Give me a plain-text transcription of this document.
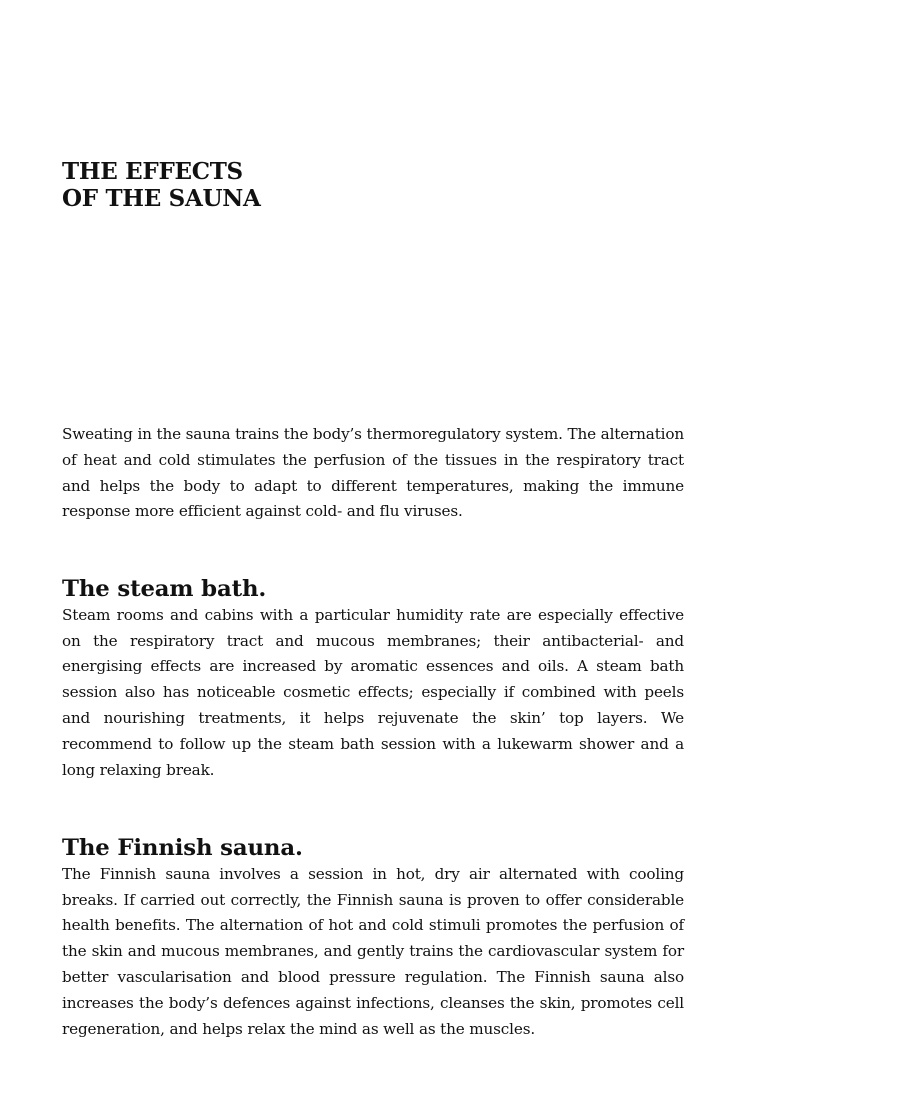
THE EFFECTS
OF THE SAUNA

Sweating in the sauna trains the body’s thermoregulatory system. The alternation of heat and cold stimulates the perfusion of the tissues in the respiratory tract and helps the body to adapt to different temperatures, making the immune response more efficient against cold- and flu viruses.

The steam bath.

Steam rooms and cabins with a particular humidity rate are especially effective on the respiratory tract and mucous membranes; their antibacterial- and energising effects are increased by aromatic essences and oils. A steam bath session also has noticeable cosmetic effects; especially if combined with peels and nourishing treatments, it helps rejuvenate the skin’ top layers. We recommend to follow up the steam bath session with a lukewarm shower and a long relaxing break.

The Finnish sauna.

The Finnish sauna involves a session in hot, dry air alternated with cooling breaks. If carried out correctly, the Finnish sauna is proven to offer considerable health benefits. The alternation of hot and cold stimuli promotes the perfusion of the skin and mucous membranes, and gently trains the cardiovascular system for better vascularisation and blood pressure regulation. The Finnish sauna also increases the body’s defences against infections, cleanses the skin, promotes cell regeneration, and helps relax the mind as well as the muscles.
